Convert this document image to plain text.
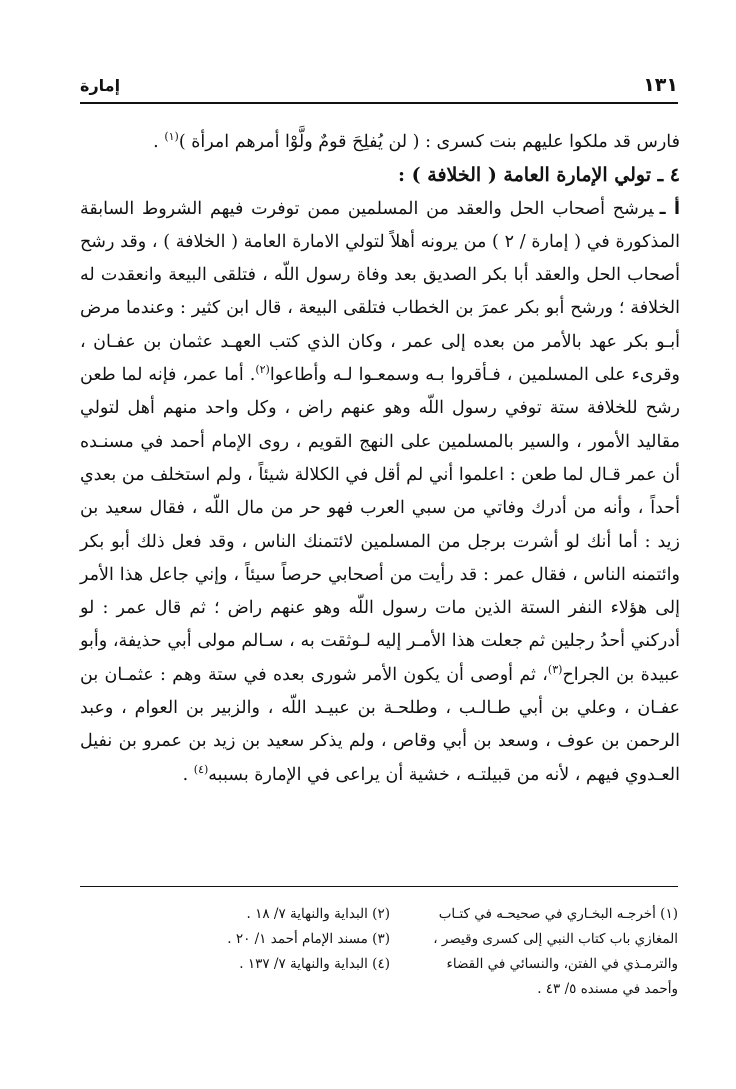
١٣١
إمارة

فارس قد ملكوا عليهم بنت كسرى : ( لن يُفلِحَ قومٌ ولَّوْا أمرهم امرأة )$^{(١)}$ .

٤ ـ تولي الإمارة العامة ( الخلافة ) :

أ ـيرشح أصحاب الحل والعقد من المسلمين ممن توفرت فيهم الشروط السابقة المذكورة في ( إمارة / ٢ ) من يرونه أهلاً لتولي الامارة العامة ( الخلافة ) ، وقد رشح أصحاب الحل والعقد أبا بكر الصديق بعد وفاة رسول اللّه ، فتلقى البيعة وانعقدت له الخلافة ؛ ورشح أبو بكر عمرَ بن الخطاب فتلقى البيعة ، قال ابن كثير : وعندما مرض أبـو بكر عهد بالأمر من بعده إلى عمر ، وكان الذي كتب العهـد عثمان بن عفـان ، وقرىء على المسلمين ، فـأقروا بـه وسمعـوا لـه وأطاعوا$^{(٢)}$. أما عمر، فإنه لما طعن رشح للخلافة ستة توفي رسول اللّه وهو عنهم راض ، وكل واحد منهم أهل لتولي مقاليد الأمور ، والسير بالمسلمين على النهج القويم ، روى الإمام أحمد في مسنـده أن عمر قـال لما طعن : اعلموا أني لم أقل في الكلالة شيئاً ، ولم استخلف من بعدي أحداً ، وأنه من أدرك وفاتي من سبي العرب فهو حر من مال اللّه ، فقال سعيد بن زيد : أما أنك لو أشرت برجل من المسلمين لائتمنك الناس ، وقد فعل ذلك أبو بكر وائتمنه الناس ، فقال عمر : قد رأيت من أصحابي حرصاً سيئاً ، وإني جاعل هذا الأمر إلى هؤلاء النفر الستة الذين مات رسول اللّه وهو عنهم راض ؛ ثم قال عمر : لو أدركني أحدُ رجلين ثم جعلت هذا الأمـر إليه لـوثقت به ، سـالم مولى أبي حذيفة، وأبو عبيدة بن الجراح$^{(٣)}$، ثم أوصى أن يكون الأمر شورى بعده في ستة وهم : عثمـان بن عفـان ، وعلي بن أبي طـالـب ، وطلحـة بن عبيـد اللّه ، والزبير بن العوام ، وعبد الرحمن بن عوف ، وسعد بن أبي وقاص ، ولم يذكر سعيد بن زيد بن عمرو بن نفيل العـدوي فيهم ، لأنه من قبيلتـه ، خشية أن يراعى في الإمارة بسببه$^{(٤)}$ .

(١) أخرجـه البخـاري في صحيحـه في كتـاب

المغازي باب كتاب النبي إلى كسرى وقيصر ،

والترمـذي في الفتن، والنسائي في القضاء

وأحمد في مسنده ٥/ ٤٣ .

(٢) البداية والنهاية ٧/ ١٨ .

(٣) مسند الإمام أحمد ١/ ٢٠ .

(٤) البداية والنهاية ٧/ ١٣٧ .
